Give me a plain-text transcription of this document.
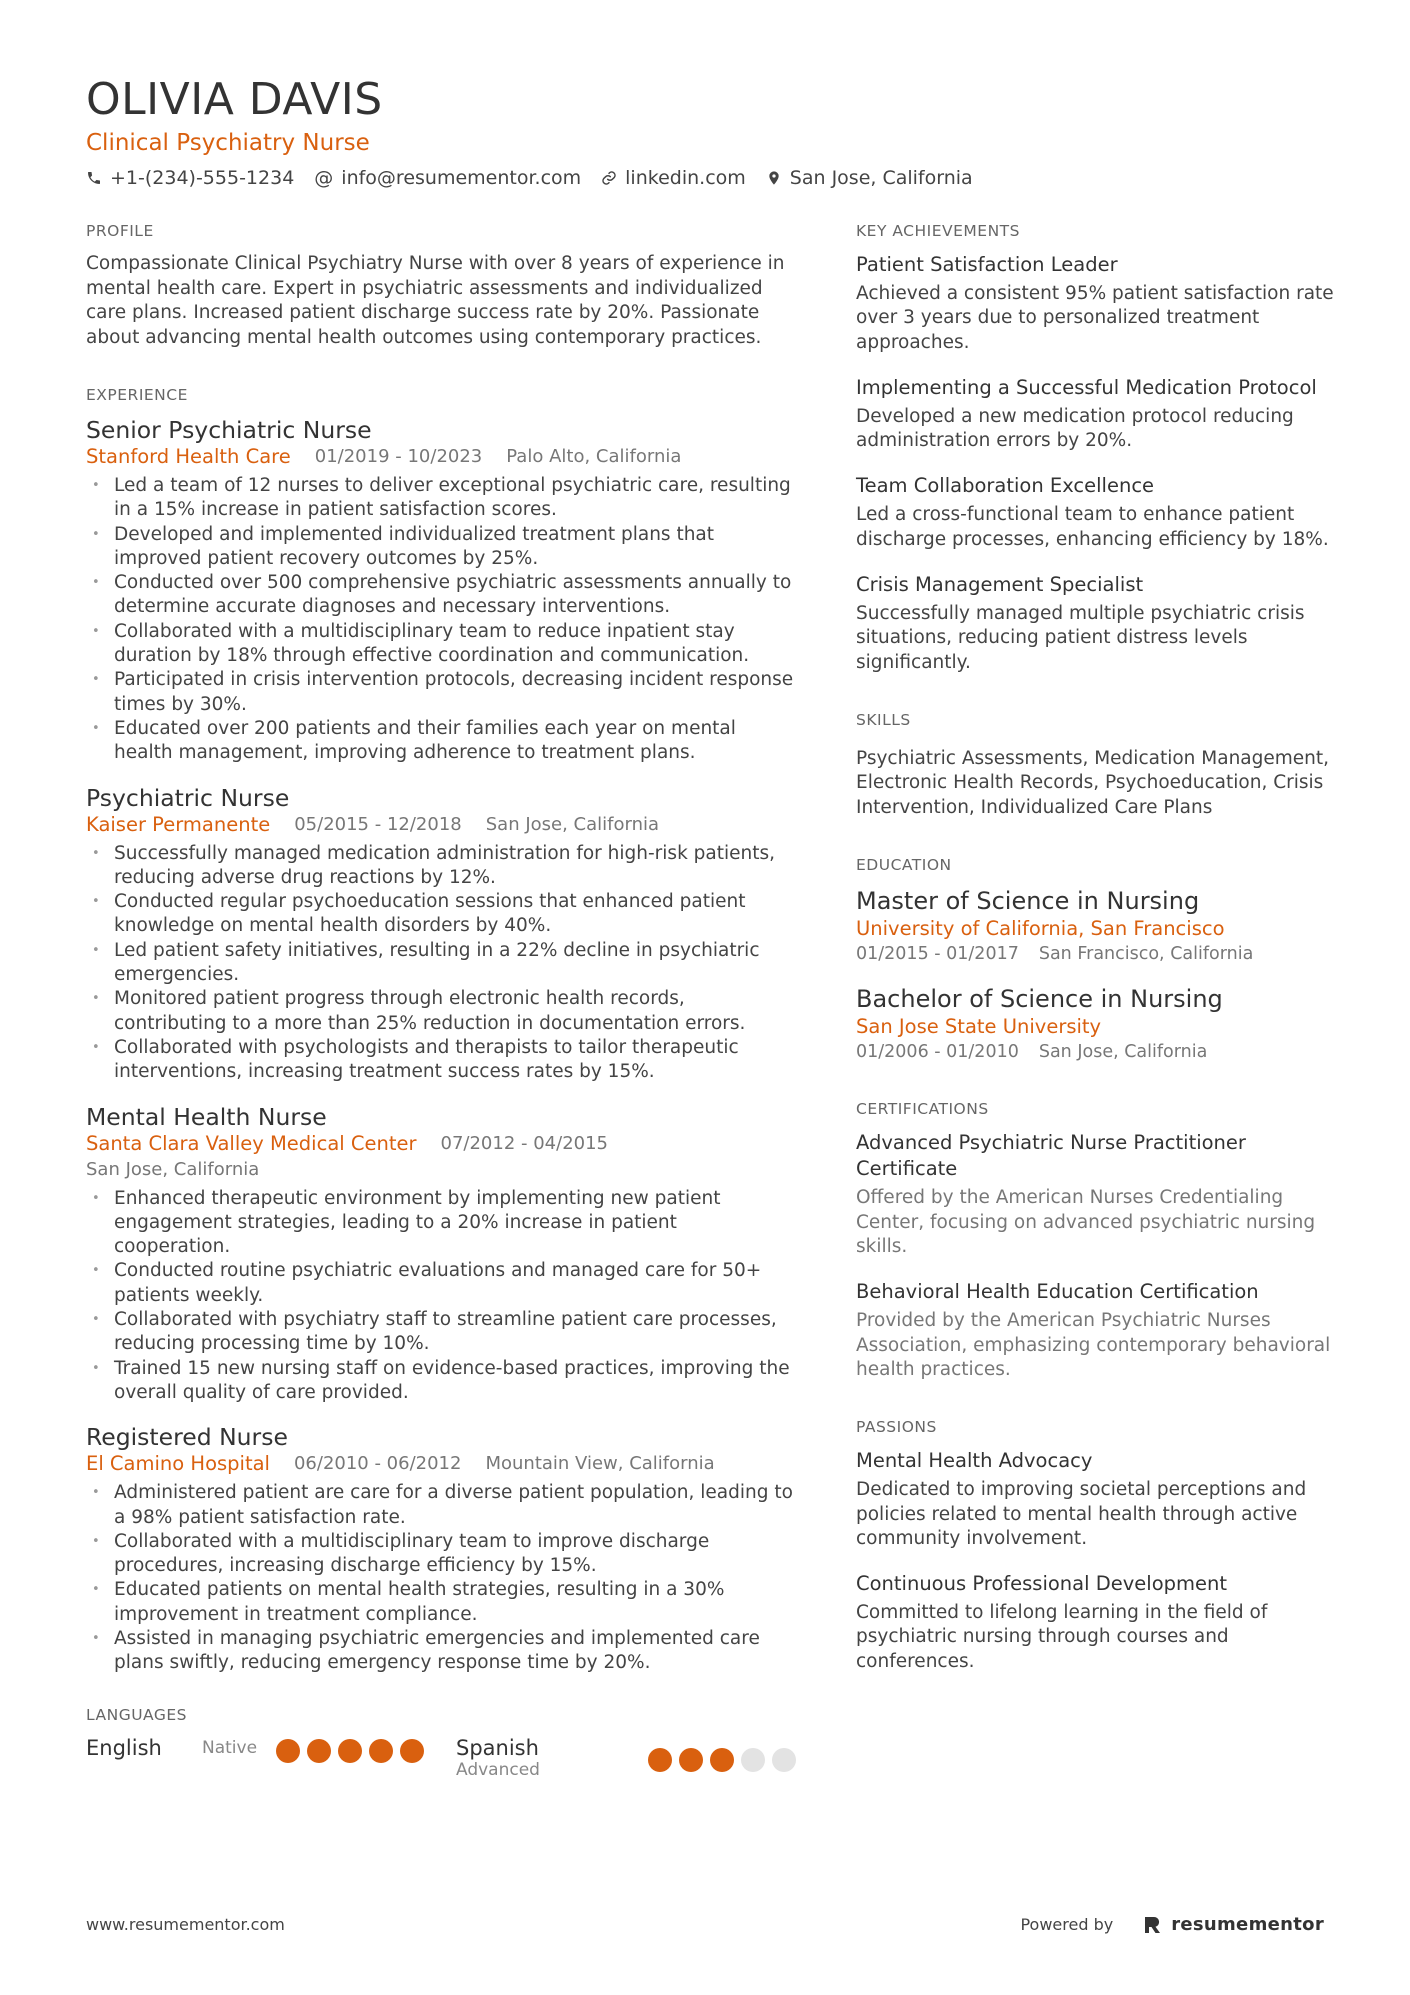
OLIVIA DAVIS
Clinical Psychiatry Nurse
+1-(234)-555-1234 @ info@resumementor.com linkedin.com San Jose, California
PROFILE

Compassionate Clinical Psychiatry Nurse with over 8 years of experience in mental health care. Expert in psychiatric assessments and individualized care plans. Increased patient discharge success rate by 20%. Passionate about advancing mental health outcomes using contemporary practices.

EXPERIENCE
Senior Psychiatric Nurse
Stanford Health Care 01/2019 - 10/2023 Palo Alto, California
• Led a team of 12 nurses to deliver exceptional psychiatric care, resulting in a 15% increase in patient satisfaction scores.
• Developed and implemented individualized treatment plans that improved patient recovery outcomes by 25%.
• Conducted over 500 comprehensive psychiatric assessments annually to determine accurate diagnoses and necessary interventions.
• Collaborated with a multidisciplinary team to reduce inpatient stay duration by 18% through effective coordination and communication.
• Participated in crisis intervention protocols, decreasing incident response times by 30%.
• Educated over 200 patients and their families each year on mental health management, improving adherence to treatment plans.
Psychiatric Nurse
Kaiser Permanente 05/2015 - 12/2018 San Jose, California
• Successfully managed medication administration for high-risk patients, reducing adverse drug reactions by 12%.
• Conducted regular psychoeducation sessions that enhanced patient knowledge on mental health disorders by 40%.
• Led patient safety initiatives, resulting in a 22% decline in psychiatric emergencies.
• Monitored patient progress through electronic health records, contributing to a more than 25% reduction in documentation errors.
• Collaborated with psychologists and therapists to tailor therapeutic interventions, increasing treatment success rates by 15%.
Mental Health Nurse
Santa Clara Valley Medical Center 07/2012 - 04/2015
San Jose, California
• Enhanced therapeutic environment by implementing new patient engagement strategies, leading to a 20% increase in patient cooperation.
• Conducted routine psychiatric evaluations and managed care for 50+ patients weekly.
• Collaborated with psychiatry staff to streamline patient care processes, reducing processing time by 10%.
• Trained 15 new nursing staff on evidence-based practices, improving the overall quality of care provided.
Registered Nurse
El Camino Hospital 06/2010 - 06/2012 Mountain View, California
• Administered patient are care for a diverse patient population, leading to a 98% patient satisfaction rate.
• Collaborated with a multidisciplinary team to improve discharge procedures, increasing discharge efficiency by 15%.
• Educated patients on mental health strategies, resulting in a 30% improvement in treatment compliance.
• Assisted in managing psychiatric emergencies and implemented care plans swiftly, reducing emergency response time by 20%.
LANGUAGES
English	Native	Spanish
Advanced
KEY ACHIEVEMENTS
Patient Satisfaction Leader
Achieved a consistent 95% patient satisfaction rate over 3 years due to personalized treatment approaches.
Implementing a Successful Medication Protocol
Developed a new medication protocol reducing administration errors by 20%.
Team Collaboration Excellence
Led a cross-functional team to enhance patient discharge processes, enhancing efficiency by 18%.
Crisis Management Specialist
Successfully managed multiple psychiatric crisis situations, reducing patient distress levels significantly.
SKILLS

Psychiatric Assessments, Medication Management, Electronic Health Records, Psychoeducation, Crisis Intervention, Individualized Care Plans

EDUCATION
Master of Science in Nursing
University of California, San Francisco
01/2015 - 01/2017 San Francisco, California
Bachelor of Science in Nursing
San Jose State University
01/2006 - 01/2010 San Jose, California
CERTIFICATIONS
Advanced Psychiatric Nurse Practitioner Certificate
Offered by the American Nurses Credentialing Center, focusing on advanced psychiatric nursing skills.
Behavioral Health Education Certification
Provided by the American Psychiatric Nurses Association, emphasizing contemporary behavioral health practices.
PASSIONS
Mental Health Advocacy
Dedicated to improving societal perceptions and policies related to mental health through active community involvement.
Continuous Professional Development
Committed to lifelong learning in the field of psychiatric nursing through courses and conferences.
www.resumementor.com	Powered by	resumementor
